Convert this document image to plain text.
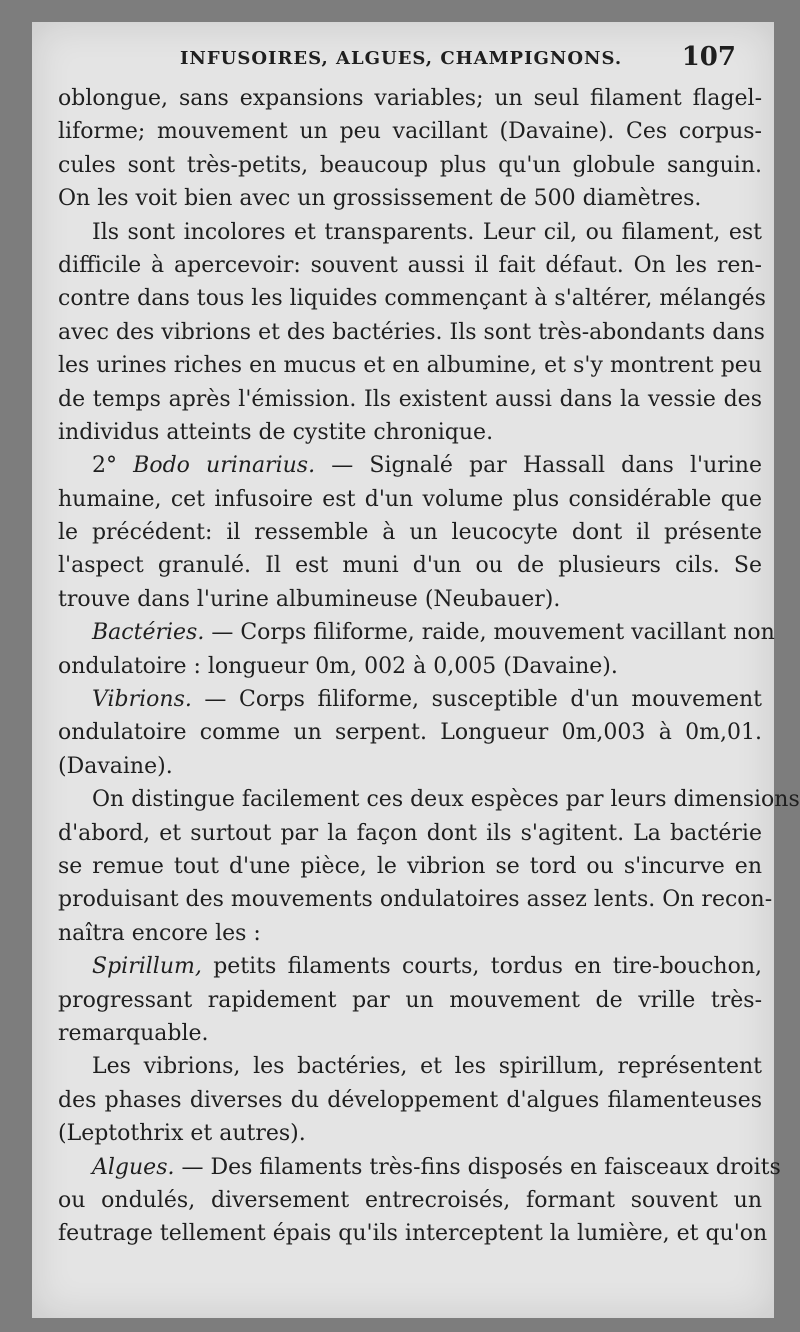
INFUSOIRES, ALGUES, CHAMPIGNONS. 107
oblongue, sans expansions variables; un seul filament flagel-
liforme; mouvement un peu vacillant (Davaine). Ces corpus-
cules sont très-petits, beaucoup plus qu'un globule sanguin.
On les voit bien avec un grossissement de 500 diamètres.
Ils sont incolores et transparents. Leur cil, ou filament, est
difficile à apercevoir: souvent aussi il fait défaut. On les ren-
contre dans tous les liquides commençant à s'altérer, mélangés
avec des vibrions et des bactéries. Ils sont très-abondants dans
les urines riches en mucus et en albumine, et s'y montrent peu
de temps après l'émission. Ils existent aussi dans la vessie des
individus atteints de cystite chronique.
2° Bodo urinarius. — Signalé par Hassall dans l'urine
humaine, cet infusoire est d'un volume plus considérable que
le précédent: il ressemble à un leucocyte dont il présente
l'aspect granulé. Il est muni d'un ou de plusieurs cils. Se
trouve dans l'urine albumineuse (Neubauer).
Bactéries. — Corps filiforme, raide, mouvement vacillant non
ondulatoire : longueur 0m, 002 à 0,005 (Davaine).
Vibrions. — Corps filiforme, susceptible d'un mouvement
ondulatoire comme un serpent. Longueur 0m,003 à 0m,01.
(Davaine).
On distingue facilement ces deux espèces par leurs dimensions
d'abord, et surtout par la façon dont ils s'agitent. La bactérie
se remue tout d'une pièce, le vibrion se tord ou s'incurve en
produisant des mouvements ondulatoires assez lents. On recon-
naîtra encore les :
Spirillum, petits filaments courts, tordus en tire-bouchon,
progressant rapidement par un mouvement de vrille très-
remarquable.
Les vibrions, les bactéries, et les spirillum, représentent
des phases diverses du développement d'algues filamenteuses
(Leptothrix et autres).
Algues. — Des filaments très-fins disposés en faisceaux droits
ou ondulés, diversement entrecroisés, formant souvent un
feutrage tellement épais qu'ils interceptent la lumière, et qu'on
